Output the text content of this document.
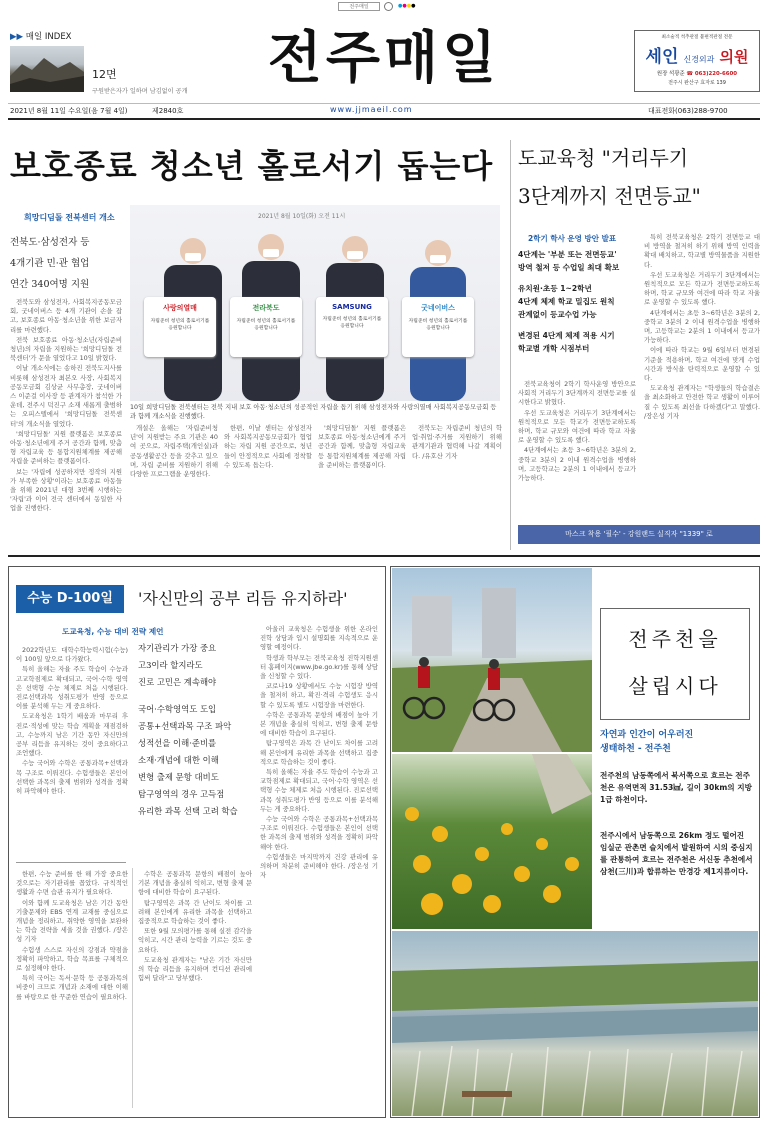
전주매일	●●●●
▶▶ 매일 INDEX
12면
구원받은자가 일하며 남김없이 공개
전주매일	최소술적 척추관절 불편적관절 전문
세인 신경외과 의원
원장 석광준 ☎ 063)220-6600
전주시 완산구 효자로 139
2021년 8월 11일 수요일(음 7월 4일)	제2840호	www.jjmaeil.com	대표전화(063)288-9700
보호종료 청소년 홀로서기 돕는다
희망디딤돌 전북센터 개소
전북도·삼성전자 등
4개기관 민·관 협업
연간 340여명 지원

전북도와 삼성전자, 사회복지공동모금회, 굿네이버스 등 4개 기관이 손을 잡고, 보호종료 아동·청소년을 위한 보금자리를 마련했다.

전북 보호종료 아동·청소년(자립준비 청년)의 자립을 지원하는 '희망디딤돌 전북센터'가 문을 열었다고 10일 밝혔다.

이날 개소식에는 송하진 전북도지사를 비롯해 삼성전자 최본오 사장, 사회복지공동모금회 김상균 사무총장, 굿네이버스 이준걸 이사장 등 관계자가 참석한 가운데, 전주시 덕진구 소재 새롭게 출범하는 오피스텔에서 '희망디딤돌 전북센터'의 개소식을 열었다.

'희망디딤돌' 지원 플랫폼은 보호종료 아동·청소년에게 주거 공간과 함께, 맞춤형 자립교육 등 통합지원체계를 제공해 자립을 준비하는 플랫폼이다.

보는 '자립에 성공하지만 정작의 지원가 부족한 상황'이라는 보호종료 아동들을 위해 2021년 대형 3번째 시행하는 '자립'과 이어 전국 센터에서 동일한 사업을 진행한다.

2021년 8월 10일(화) 오전 11시
사랑의열매
자립준비 청년의 홀로서기를 응원합니다
전라북도
자립준비 청년의 홀로서기를 응원합니다
SAMSUNG
자립준비 청년의 홀로서기를 응원합니다
굿네이버스
자립준비 청년의 홀로서기를 응원합니다
10일 희망디딤돌 전북센터는 전북 지내 보호 아동·청소년의 성공적인 자립을 돕기 위해 삼성전자와 사랑의열매 사회복지공동모금회 등과 함께 개소식을 진행했다.

개설은 올해는 '자립준비청년'이 지원받는 주요 기관은 40여 곳으로, 자립주택(개인실)과 공동생활공간 등을 갖추고 있으며, 자립 준비를 지원하기 위해 다양한 프로그램을 운영한다.

한편, 이날 센터는 삼성전자와 사회복지공동모금회가 협업하는 자립 지원 공간으로, 청년들이 안정적으로 사회에 정착할 수 있도록 돕는다.

'희망디딤돌' 지원 플랫폼은 보호종료 아동·청소년에게 주거 공간과 함께, 맞춤형 자립교육 등 통합지원체계를 제공해 자립을 준비하는 플랫폼이다.

전북도는 자립준비 청년의 학업·취업·주거를 지원하기 위해 관계기관과 협력해 나갈 계획이다. /유호산 기자

도교육청 "거리두기
3단계까지 전면등교"
2학기 학사 운영 방안 발표
4단계는 '부분 또는 전면등교'
방역 철저 등 수업일 최대 확보
유치원·초등 1~2학년
4단계 체제 학교 밀집도 원칙
관계없이 등교수업 가능
변경된 4단계 체제 적용 시기
학교별 개학 시점부터

전북교육청이 2학기 학사운영 방안으로 사회적 거리두기 3단계까지 전면등교를 실시한다고 밝혔다.

우선 도교육청은 거리두기 3단계에서는 원칙적으로 모든 학교가 전면등교하도록 하며, 학교 규모와 여건에 따라 학교 자율로 운영할 수 있도록 했다.

4단계에서는 초등 3~6학년은 3분의 2, 중학교 3분의 2 이내 원격수업을 병행하며, 고등학교는 2분의 1 이내에서 등교가 가능하다.

특히 전북교육청은 2학기 전면등교 대비 방역을 철저히 하기 위해 방역 인력을 확대 배치하고, 학교별 방역물품을 지원한다.

우선 도교육청은 거리두기 3단계에서는 원칙적으로 모든 학교가 전면등교하도록 하며, 학교 규모와 여건에 따라 학교 자율로 운영할 수 있도록 했다.

4단계에서는 초등 3~6학년은 3분의 2, 중학교 3분의 2 이내 원격수업을 병행하며, 고등학교는 2분의 1 이내에서 등교가 가능하다.

이에 따라 학교는 9월 6일부터 변경된 기준을 적용하며, 학교 여건에 맞게 수업 시간과 방식을 탄력적으로 운영할 수 있다.

도교육청 관계자는 "학생들의 학습결손을 최소화하고 안전한 학교 생활이 이루어질 수 있도록 최선을 다하겠다"고 말했다. /장은성 기자

마스크 착용 '필수' - 강원랜드 실직자 "1339" 로
수능 D-100일	'자신만의 공부 리듬 유지하라'
도교육청, 수능 대비 전략 제언

2022학년도 대학수학능력시험(수능)이 100일 앞으로 다가왔다.

특히 올해는 자율 주도 학습이 수능과 고교학점제로 확대되고, 국어·수학 영역은 선택형 수능 체제로 처음 시행된다. 진로선택과목 성취도평가 반영 등으로 이를 분석해 두는 게 중요하다.

도교육청은 1학기 배움과 마무리 후 진로·적성에 맞는 학습 계획을 재점검하고, 수능까지 남은 기간 동안 자신만의 공부 리듬을 유지하는 것이 중요하다고 조언했다.

수능 국어와 수학은 공통과목+선택과목 구조로 이뤄진다. 수험생들은 본인이 선택한 과목의 출제 범위와 성격을 정확히 파악해야 한다.

자기관리가 가장 중요
고3이라 할지라도
진로 고민은 계속해야
국어·수학영역도 도입
공통+선택과목 구조 파악
성적선을 이해·준비를
소재·개념에 대한 이해
변형 출제 문항 대비도
탐구영역의 경우 고득점
유리한 과목 선택 고려 학습

한편, 수능 준비를 한 해 가장 중요한 것으로는 자기관리를 꼽았다. 규칙적인 생활과 수면 습관 유지가 필요하다.

이와 함께 도교육청은 남은 기간 동안 기출문제와 EBS 연계 교재를 중심으로 개념을 정리하고, 취약한 영역을 보완하는 학습 전략을 세울 것을 권했다. /장은성 기자

수험생 스스로 자신의 강점과 약점을 정확히 파악하고, 학습 목표를 구체적으로 설정해야 한다.

특히 국어는 독서·문학 등 공통과목의 비중이 크므로 개념과 소재에 대한 이해를 바탕으로 한 꾸준한 연습이 필요하다.

수학은 공통과목 문항의 배점이 높아 기본 개념을 충실히 익히고, 변형 출제 문항에 대비한 학습이 요구된다.

탐구영역은 과목 간 난이도 차이를 고려해 본인에게 유리한 과목을 선택하고 집중적으로 학습하는 것이 좋다.

또한 9월 모의평가를 통해 실전 감각을 익히고, 시간 관리 능력을 기르는 것도 중요하다.

도교육청 관계자는 "남은 기간 자신만의 학습 리듬을 유지하며 컨디션 관리에 힘써 달라"고 당부했다.

아울러 교육청은 수험생을 위한 온라인 진학 상담과 입시 설명회를 지속적으로 운영할 예정이다.

학생과 학부모는 전북교육청 진학지원센터 홈페이지(www.jbe.go.kr)를 통해 상담을 신청할 수 있다.

코로나19 상황에서도 수능 시험장 방역을 철저히 하고, 확진·격리 수험생도 응시할 수 있도록 별도 시험장을 마련한다.

수학은 공통과목 문항의 배점이 높아 기본 개념을 충실히 익히고, 변형 출제 문항에 대비한 학습이 요구된다.

탐구영역은 과목 간 난이도 차이를 고려해 본인에게 유리한 과목을 선택하고 집중적으로 학습하는 것이 좋다.

특히 올해는 자율 주도 학습이 수능과 고교학점제로 확대되고, 국어·수학 영역은 선택형 수능 체제로 처음 시행된다. 진로선택과목 성취도평가 반영 등으로 이를 분석해 두는 게 중요하다.

수능 국어와 수학은 공통과목+선택과목 구조로 이뤄진다. 수험생들은 본인이 선택한 과목의 출제 범위와 성격을 정확히 파악해야 한다.

수험생들은 마지막까지 건강 관리에 유의하며 차분히 준비해야 한다. /장은성 기자

전주천을
살립시다
자연과 인간이 어우러진
생태하천 - 전주천
전주천의 남동쪽에서 북서쪽으로 흐르는 전주천은 유역면적 31.53㎢, 길이 30km의 지방 1급 하천이다.
전주시에서 남동쪽으로 26km 정도 떨어진 임실군 관촌면 슬치에서 발원하여 시의 중심지를 관통하여 흐르는 전주천은 서신동 추천에서 삼천(三川)과 합류하는 만경강 제1지류이다.
